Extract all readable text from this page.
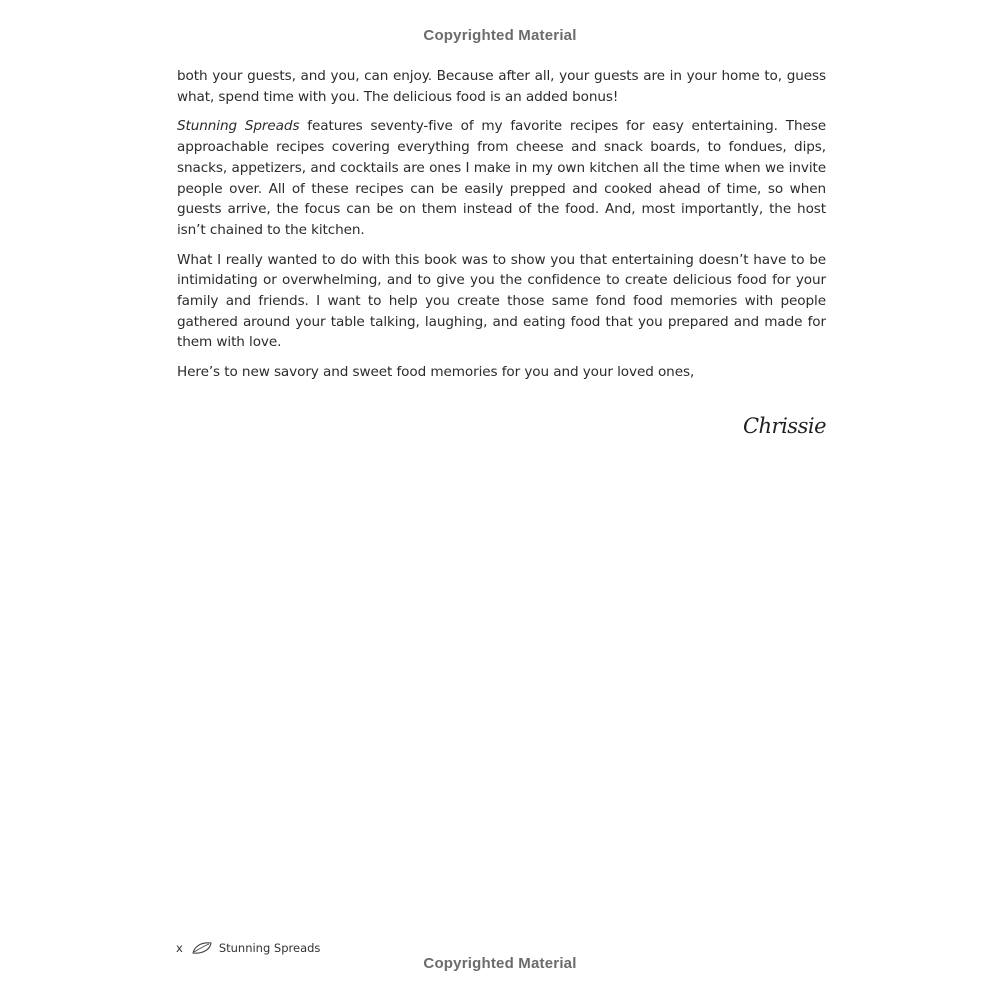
Copyrighted Material

both your guests, and you, can enjoy. Because after all, your guests are in your home to, guess what, spend time with you. The delicious food is an added bonus!

Stunning Spreads features seventy-five of my favorite recipes for easy entertaining. These approachable recipes covering everything from cheese and snack boards, to fondues, dips, snacks, appetizers, and cocktails are ones I make in my own kitchen all the time when we invite people over. All of these recipes can be easily prepped and cooked ahead of time, so when guests arrive, the focus can be on them instead of the food. And, most importantly, the host isn’t chained to the kitchen.

What I really wanted to do with this book was to show you that entertaining doesn’t have to be intimidating or overwhelming, and to give you the confidence to create delicious food for your family and friends. I want to help you create those same fond food memories with people gathered around your table talking, laughing, and eating food that you prepared and made for them with love.

Here’s to new savory and sweet food memories for you and your loved ones,

Chrissie
x	Stunning Spreads
Copyrighted Material
